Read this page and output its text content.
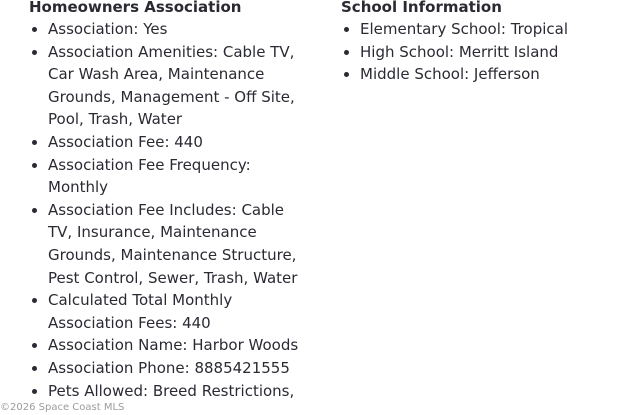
Homeowners Association
Association: Yes
Association Amenities: Cable TV, Car Wash Area, Maintenance Grounds, Management - Off Site, Pool, Trash, Water
Association Fee: 440
Association Fee Frequency: Monthly
Association Fee Includes: Cable TV, Insurance, Maintenance Grounds, Maintenance Structure, Pest Control, Sewer, Trash, Water
Calculated Total Monthly Association Fees: 440
Association Name: Harbor Woods
Association Phone: 8885421555
Pets Allowed: Breed Restrictions,
School Information
Elementary School: Tropical
High School: Merritt Island
Middle School: Jefferson
©2026 Space Coast MLS
